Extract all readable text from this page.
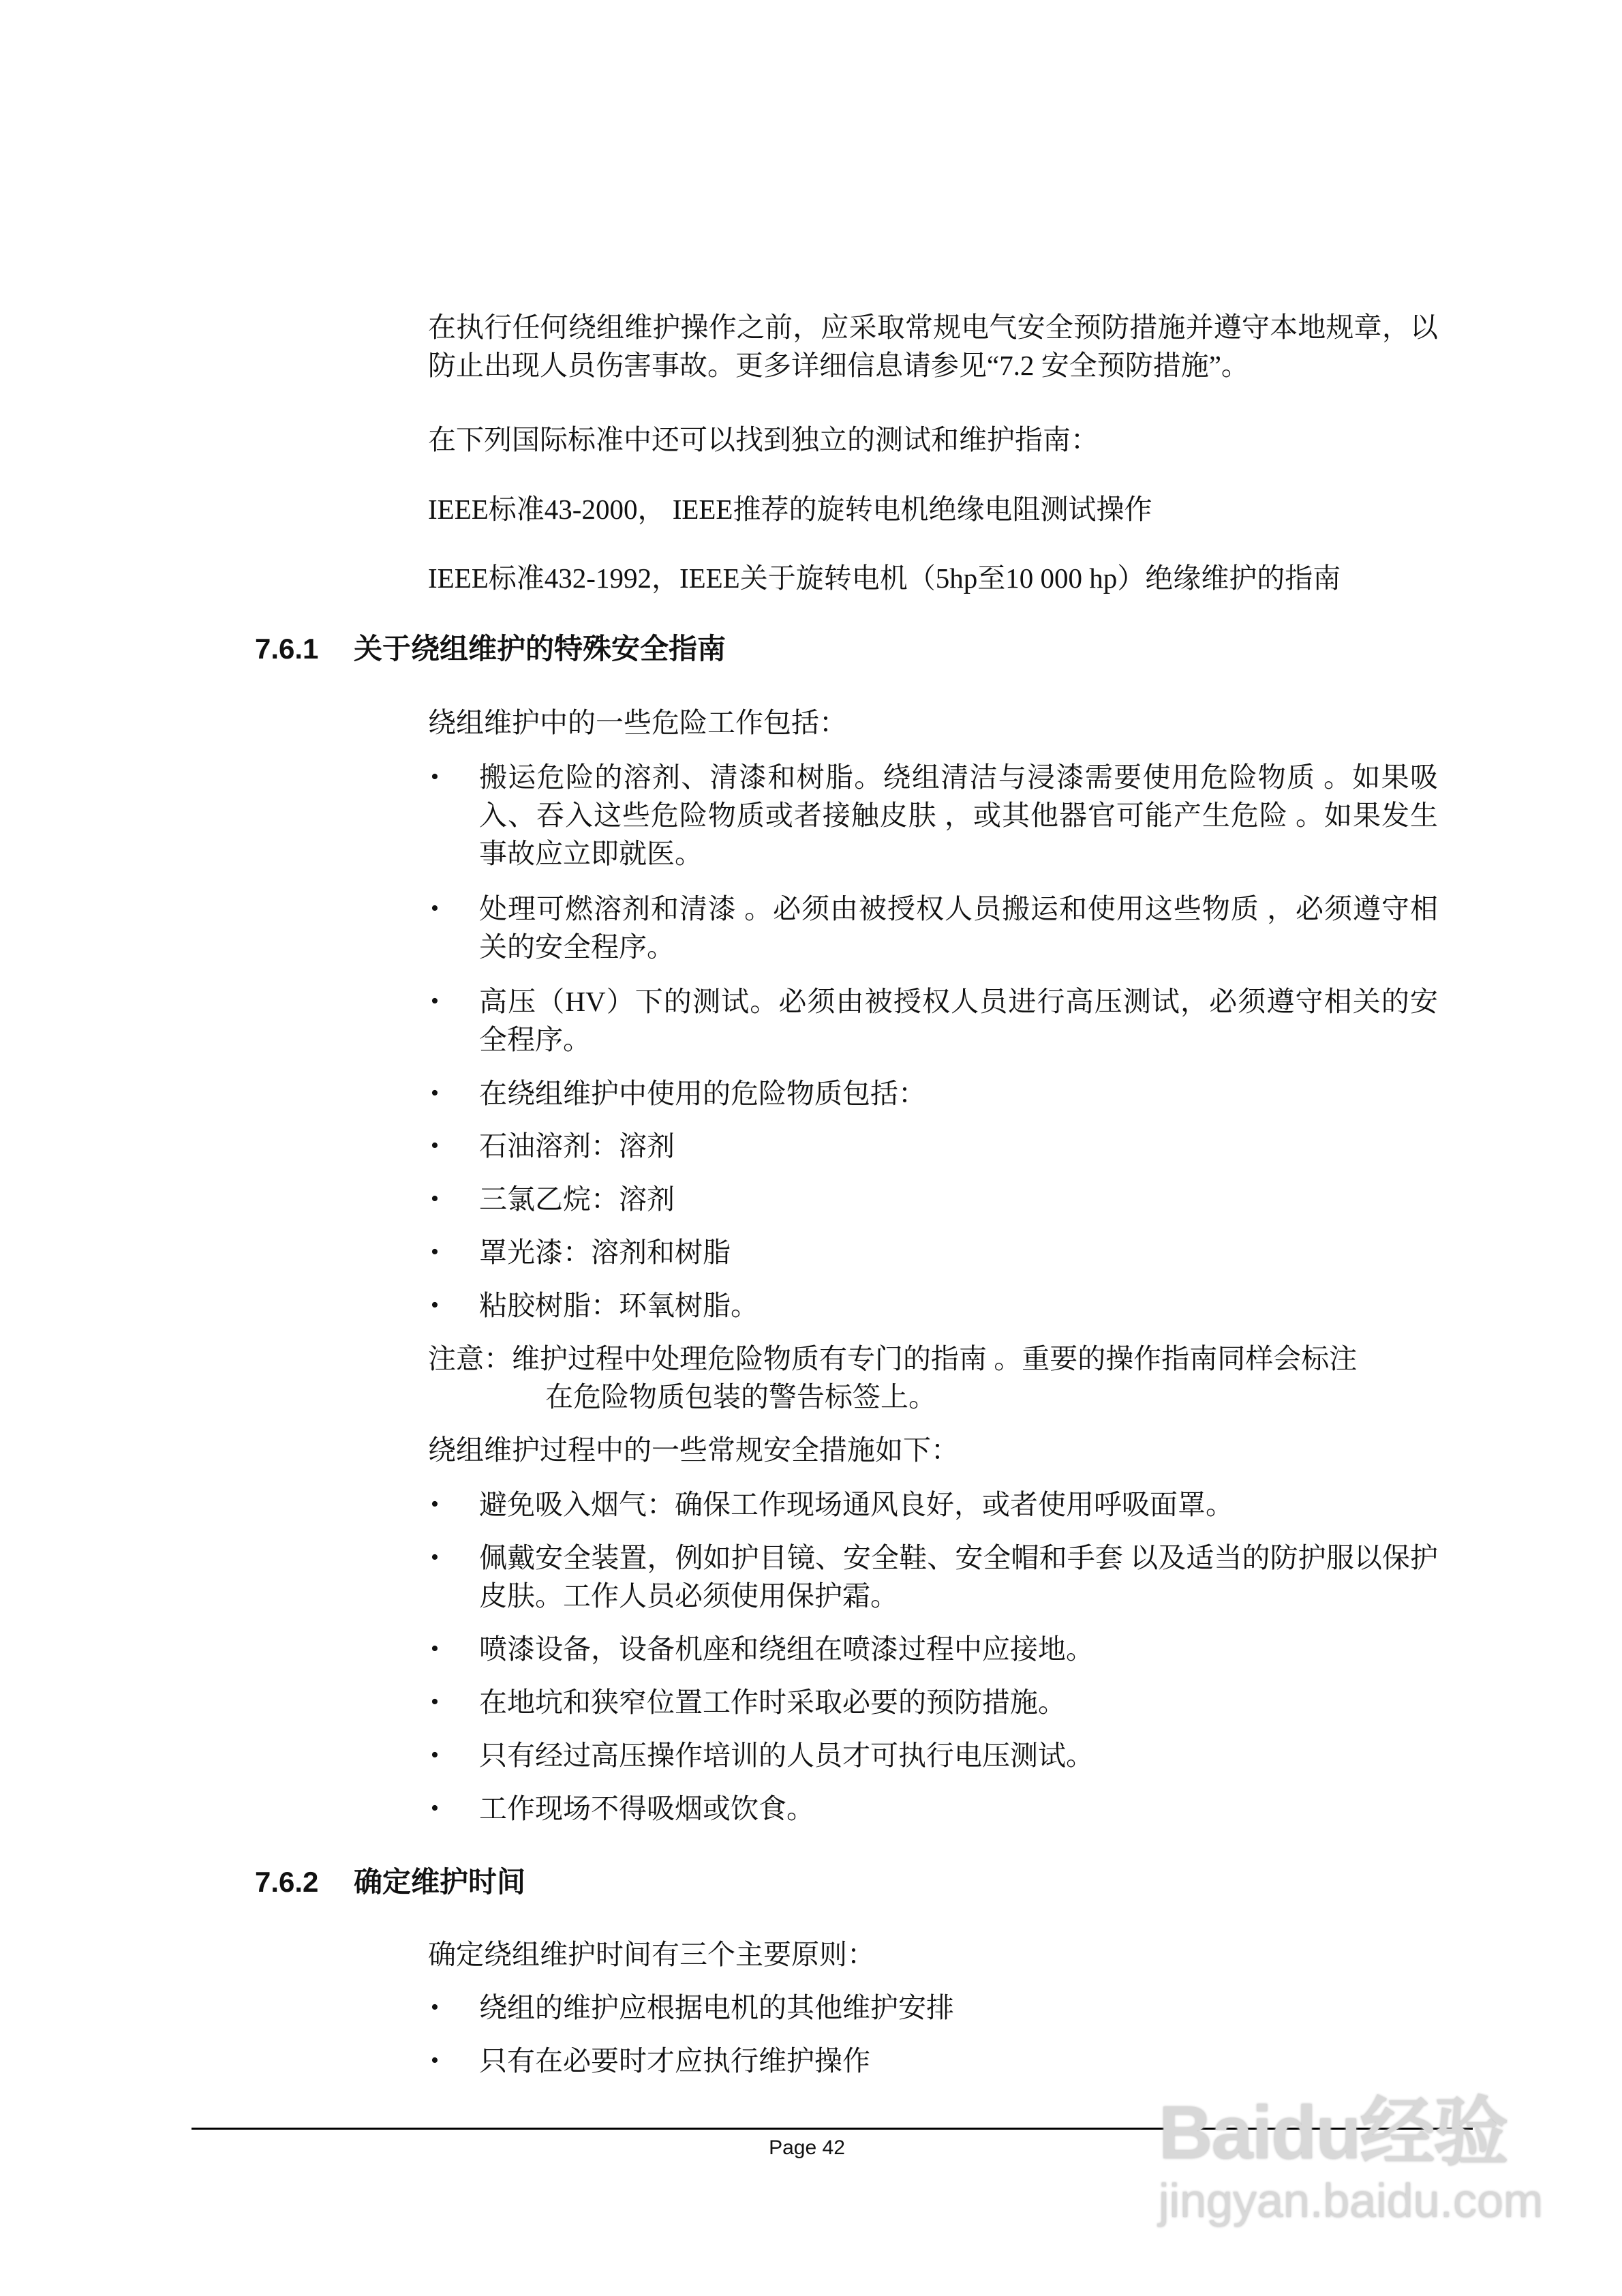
在执行任何绕组维护操作之前，应采取常规电气安全预防措施并遵守本地规章，以防止出现人员伤害事故。更多详细信息请参见“7.2 安全预防措施”。
在下列国际标准中还可以找到独立的测试和维护指南：
IEEE标准43-2000， IEEE推荐的旋转电机绝缘电阻测试操作
IEEE标准432-1992，IEEE关于旋转电机（5hp至10 000 hp）绝缘维护的指南
7.6.1 关于绕组维护的特殊安全指南
绕组维护中的一些危险工作包括：
• 搬运危险的溶剂、清漆和树脂。绕组清洁与浸漆需要使用危险物质 。如果吸入、吞入这些危险物质或者接触皮肤 ，或其他器官可能产生危险 。如果发生事故应立即就医。
• 处理可燃溶剂和清漆 。必须由被授权人员搬运和使用这些物质 ，必须遵守相关的安全程序。
• 高压（HV）下的测试。必须由被授权人员进行高压测试，必须遵守相关的安全程序。
• 在绕组维护中使用的危险物质包括：
• 石油溶剂：溶剂
• 三氯乙烷：溶剂
• 罩光漆：溶剂和树脂
• 粘胶树脂：环氧树脂。
注意：维护过程中处理危险物质有专门的指南 。重要的操作指南同样会标注
在危险物质包装的警告标签上。
绕组维护过程中的一些常规安全措施如下：
• 避免吸入烟气：确保工作现场通风良好，或者使用呼吸面罩。
• 佩戴安全装置，例如护目镜、安全鞋、安全帽和手套 以及适当的防护服以保护皮肤。工作人员必须使用保护霜。
• 喷漆设备，设备机座和绕组在喷漆过程中应接地。
• 在地坑和狭窄位置工作时采取必要的预防措施。
• 只有经过高压操作培训的人员才可执行电压测试。
• 工作现场不得吸烟或饮食。
7.6.2 确定维护时间
确定绕组维护时间有三个主要原则：
• 绕组的维护应根据电机的其他维护安排
• 只有在必要时才应执行维护操作
Page 42	Baidu经验
jingyan.baidu.com
